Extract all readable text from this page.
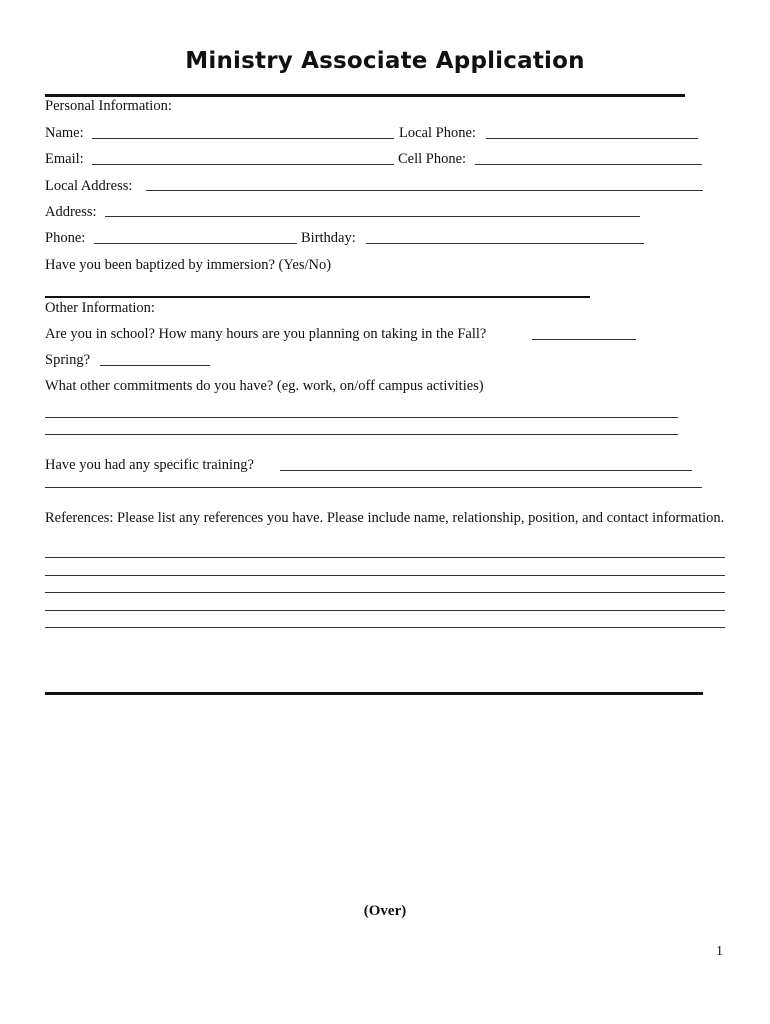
Ministry Associate Application
Personal Information:
Name:	Local Phone:
Email:	Cell Phone:
Local Address:
Address:
Phone:	Birthday:
Have you been baptized by immersion? (Yes/No)
Other Information:
Are you in school? How many hours are you planning on taking in the Fall?
Spring?
What other commitments do you have? (eg. work, on/off campus activities)
Have you had any specific training?
References: Please list any references you have. Please include name, relationship, position, and contact information.
(Over)
1
